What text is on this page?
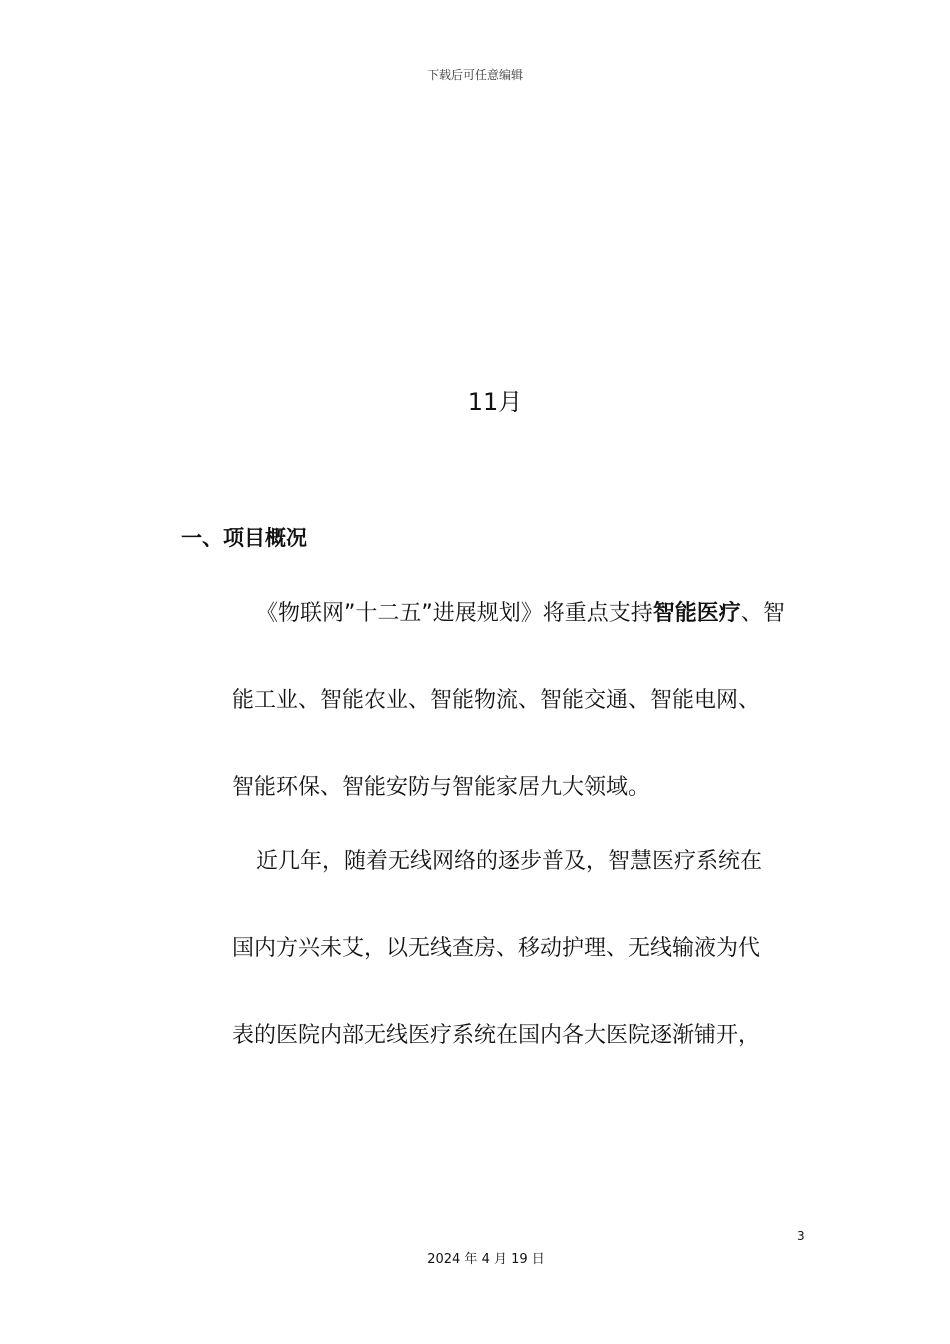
下载后可任意编辑
11月
一、项目概况
《物联网”十二五”进展规划》将重点支持智能医疗、智
能工业、智能农业、智能物流、智能交通、智能电网、
智能环保、智能安防与智能家居九大领域。
近几年，随着无线网络的逐步普及，智慧医疗系统在
国内方兴未艾，以无线查房、移动护理、无线输液为代
表的医院内部无线医疗系统在国内各大医院逐渐铺开，
3
2024 年 4 月 19 日
